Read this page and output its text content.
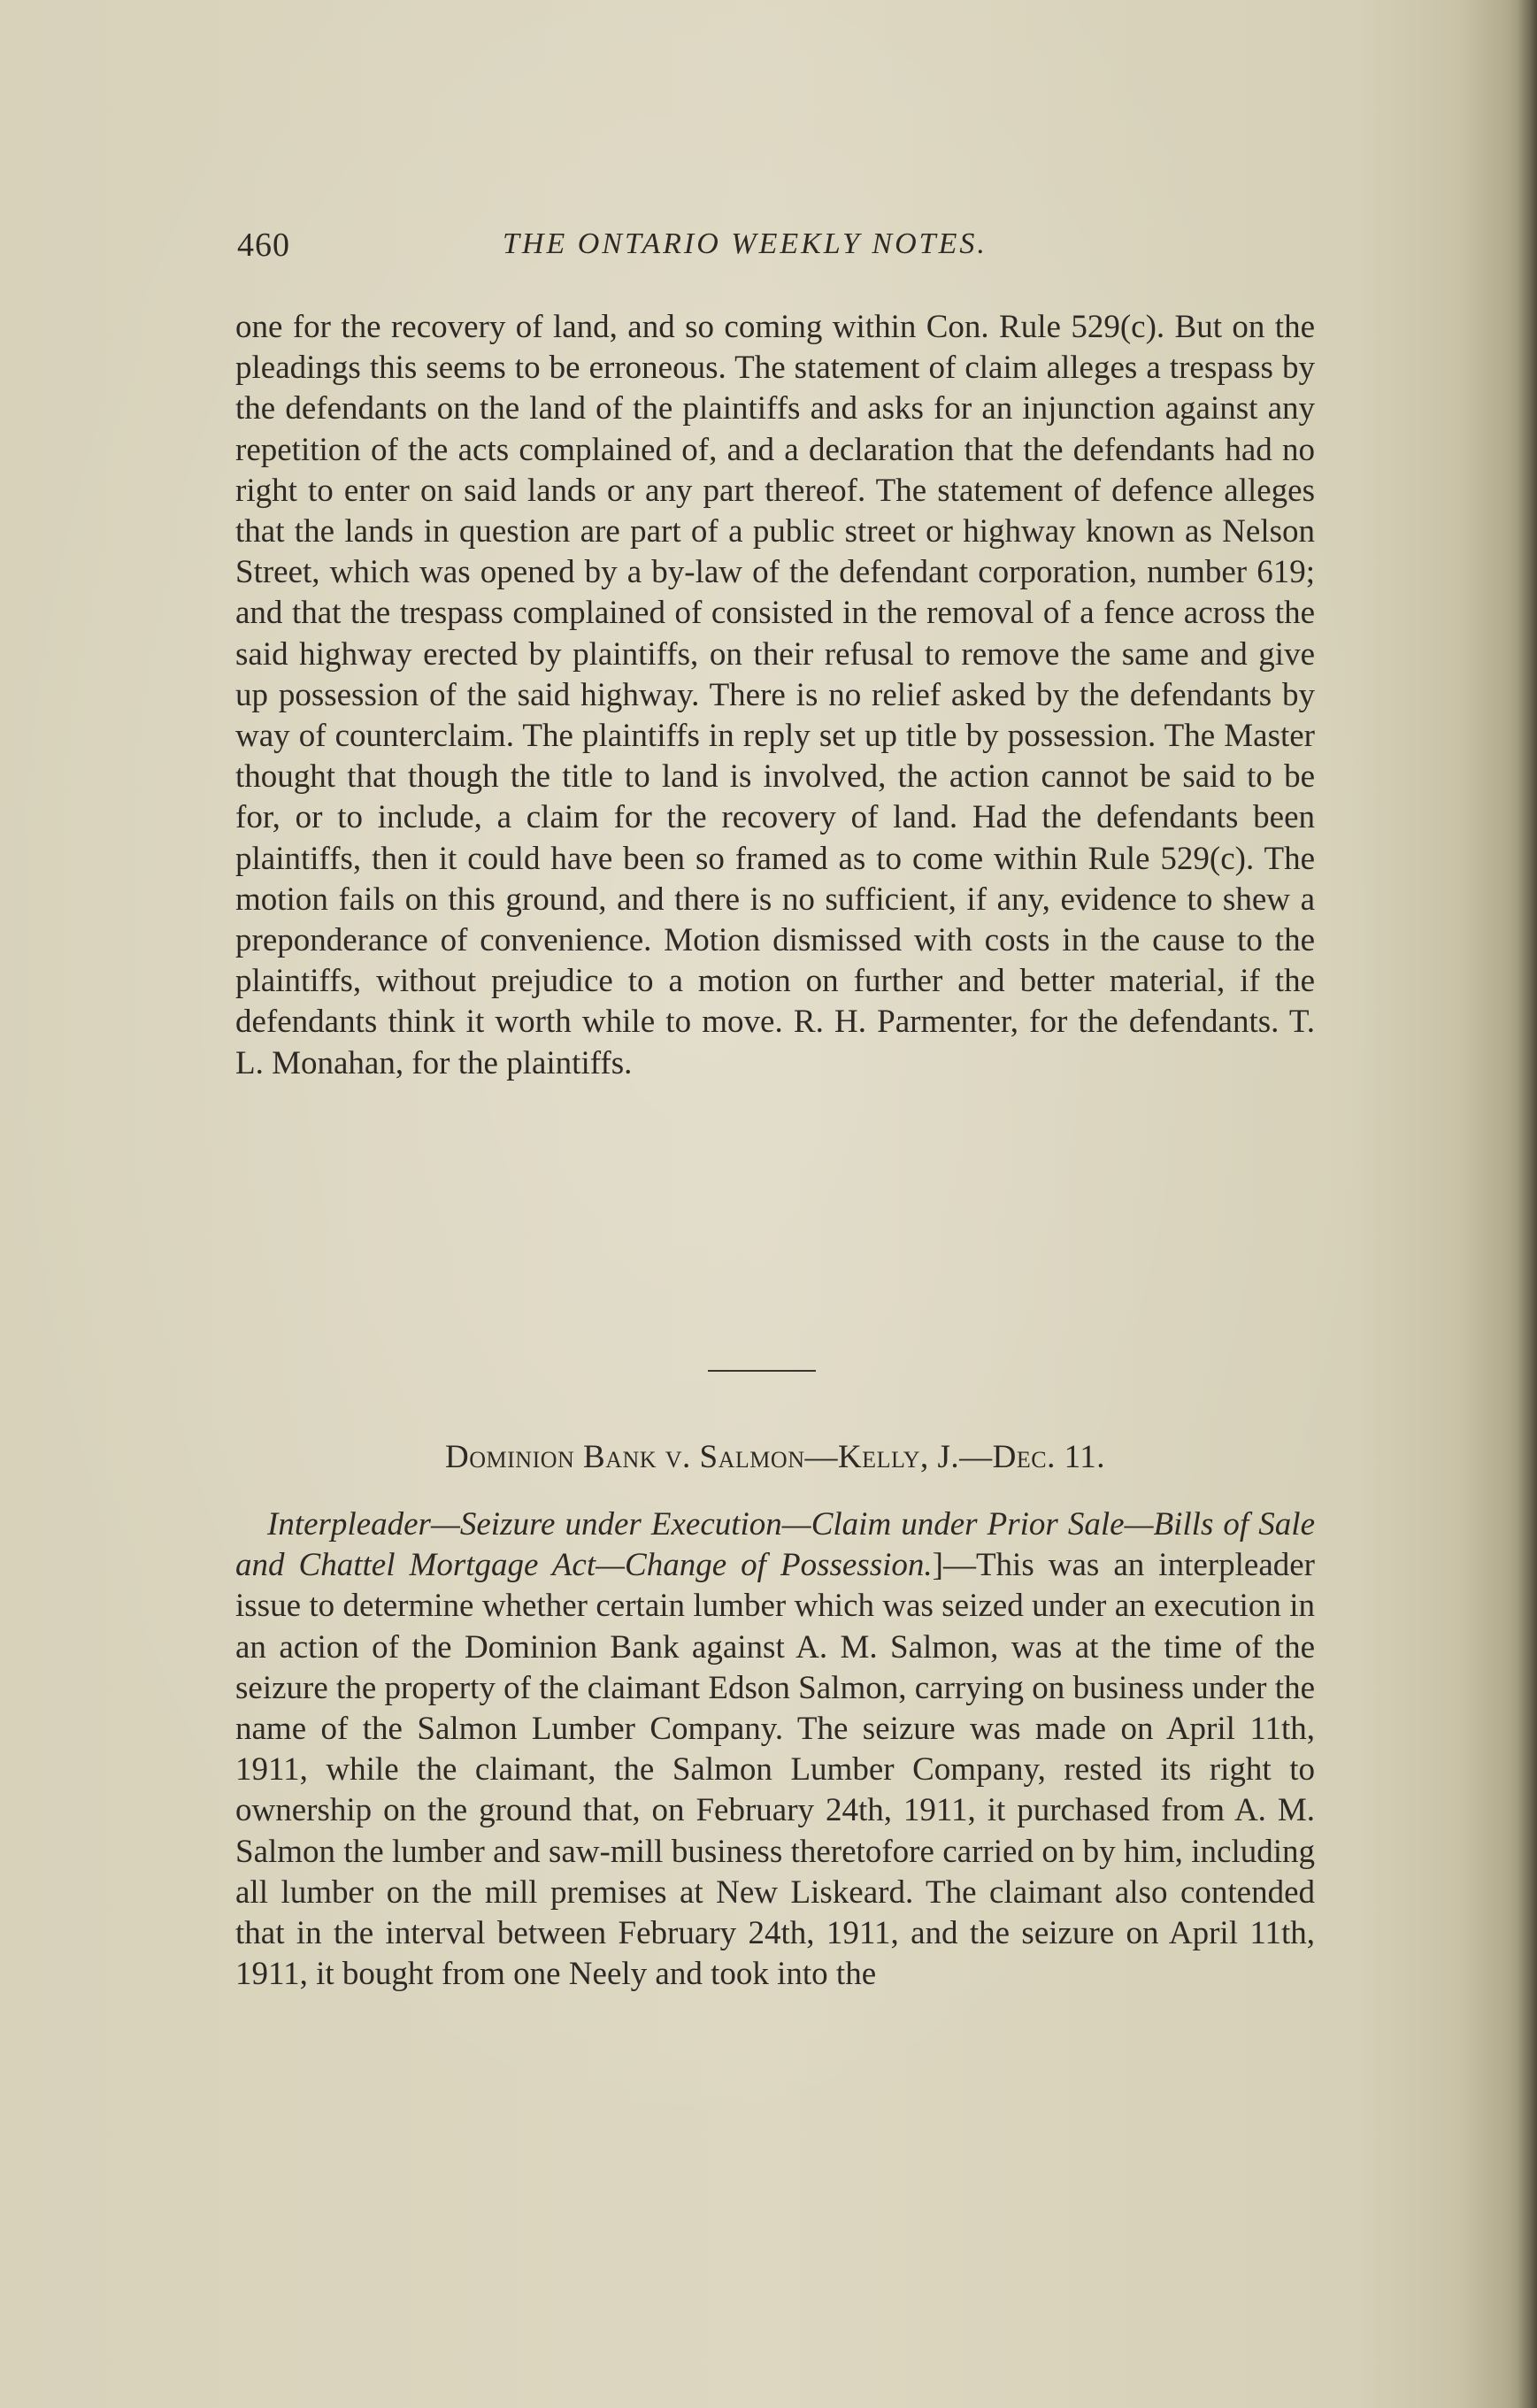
460	THE ONTARIO WEEKLY NOTES.
one for the recovery of land, and so coming within Con. Rule 529(c). But on the pleadings this seems to be erroneous. The statement of claim alleges a trespass by the defendants on the land of the plaintiffs and asks for an injunction against any repetition of the acts complained of, and a declaration that the defendants had no right to enter on said lands or any part thereof. The statement of defence alleges that the lands in question are part of a public street or highway known as Nelson Street, which was opened by a by-law of the defendant corporation, number 619; and that the trespass complained of consisted in the removal of a fence across the said highway erected by plaintiffs, on their refusal to remove the same and give up possession of the said highway. There is no relief asked by the defendants by way of counterclaim. The plaintiffs in reply set up title by possession. The Master thought that though the title to land is involved, the action cannot be said to be for, or to include, a claim for the recovery of land. Had the defendants been plaintiffs, then it could have been so framed as to come within Rule 529(c). The motion fails on this ground, and there is no sufficient, if any, evidence to shew a preponderance of convenience. Motion dismissed with costs in the cause to the plaintiffs, without prejudice to a motion on further and better material, if the defendants think it worth while to move. R. H. Parmenter, for the defendants. T. L. Monahan, for the plaintiffs.
Dominion Bank v. Salmon—Kelly, J.—Dec. 11.
Interpleader—Seizure under Execution—Claim under Prior Sale—Bills of Sale and Chattel Mortgage Act—Change of Possession.]—This was an interpleader issue to determine whether certain lumber which was seized under an execution in an action of the Dominion Bank against A. M. Salmon, was at the time of the seizure the property of the claimant Edson Salmon, carrying on business under the name of the Salmon Lumber Company. The seizure was made on April 11th, 1911, while the claimant, the Salmon Lumber Company, rested its right to ownership on the ground that, on February 24th, 1911, it purchased from A. M. Salmon the lumber and saw-mill business theretofore carried on by him, including all lumber on the mill premises at New Liskeard. The claimant also contended that in the interval between February 24th, 1911, and the seizure on April 11th, 1911, it bought from one Neely and took into the
